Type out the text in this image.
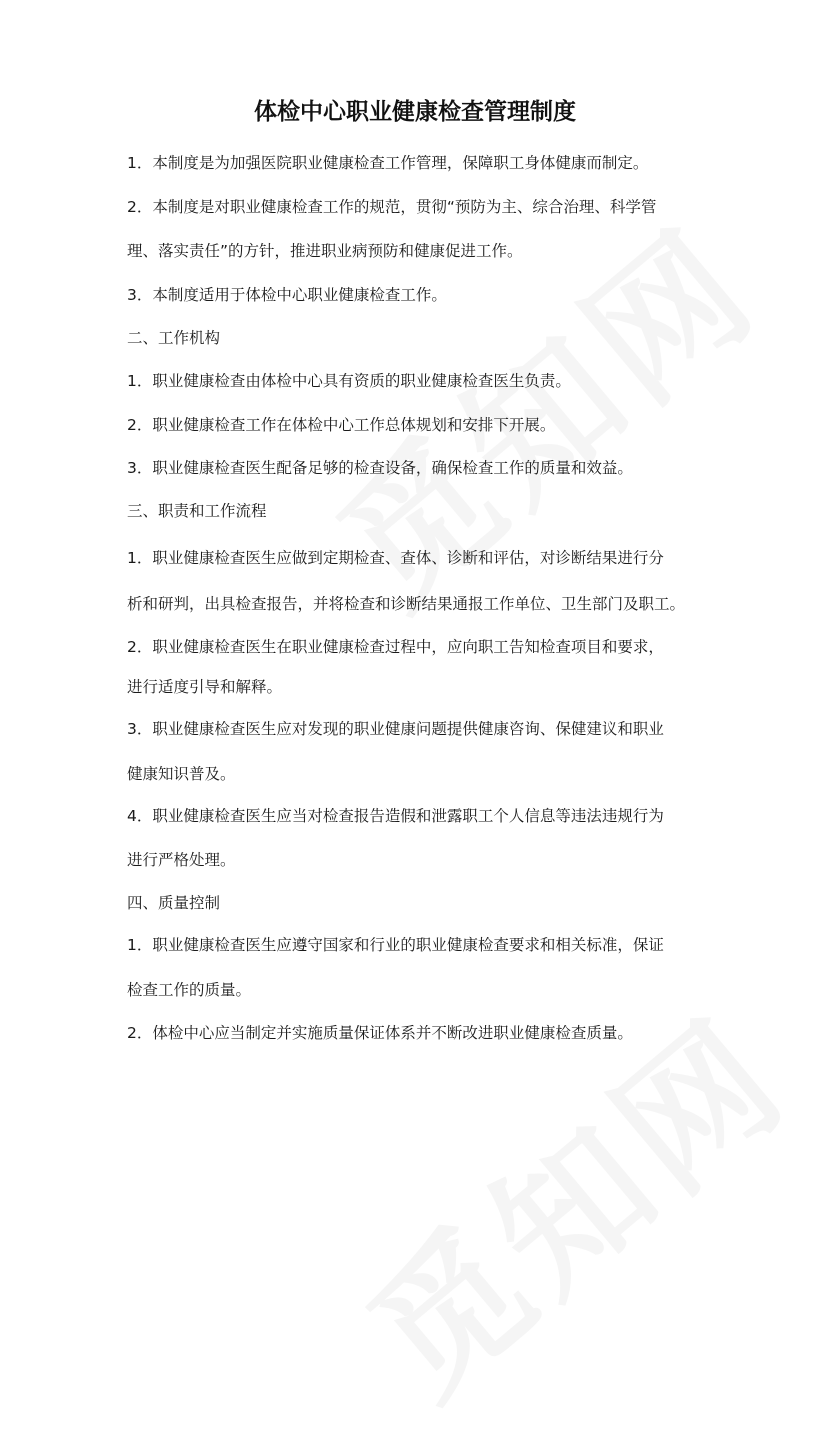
体检中心职业健康检查管理制度

1．本制度是为加强医院职业健康检查工作管理，保障职工身体健康而制定。

2．本制度是对职业健康检查工作的规范，贯彻“预防为主、综合治理、科学管

理、落实责任”的方针，推进职业病预防和健康促进工作。

3．本制度适用于体检中心职业健康检查工作。

二、工作机构

1．职业健康检查由体检中心具有资质的职业健康检查医生负责。

2．职业健康检查工作在体检中心工作总体规划和安排下开展。

3．职业健康检查医生配备足够的检查设备，确保检查工作的质量和效益。

三、职责和工作流程

1．职业健康检查医生应做到定期检查、查体、诊断和评估，对诊断结果进行分

析和研判，出具检查报告，并将检查和诊断结果通报工作单位、卫生部门及职工。

2．职业健康检查医生在职业健康检查过程中，应向职工告知检查项目和要求，

进行适度引导和解释。

3．职业健康检查医生应对发现的职业健康问题提供健康咨询、保健建议和职业

健康知识普及。

4．职业健康检查医生应当对检查报告造假和泄露职工个人信息等违法违规行为

进行严格处理。

四、质量控制

1．职业健康检查医生应遵守国家和行业的职业健康检查要求和相关标准，保证

检查工作的质量。

2．体检中心应当制定并实施质量保证体系并不断改进职业健康检查质量。
